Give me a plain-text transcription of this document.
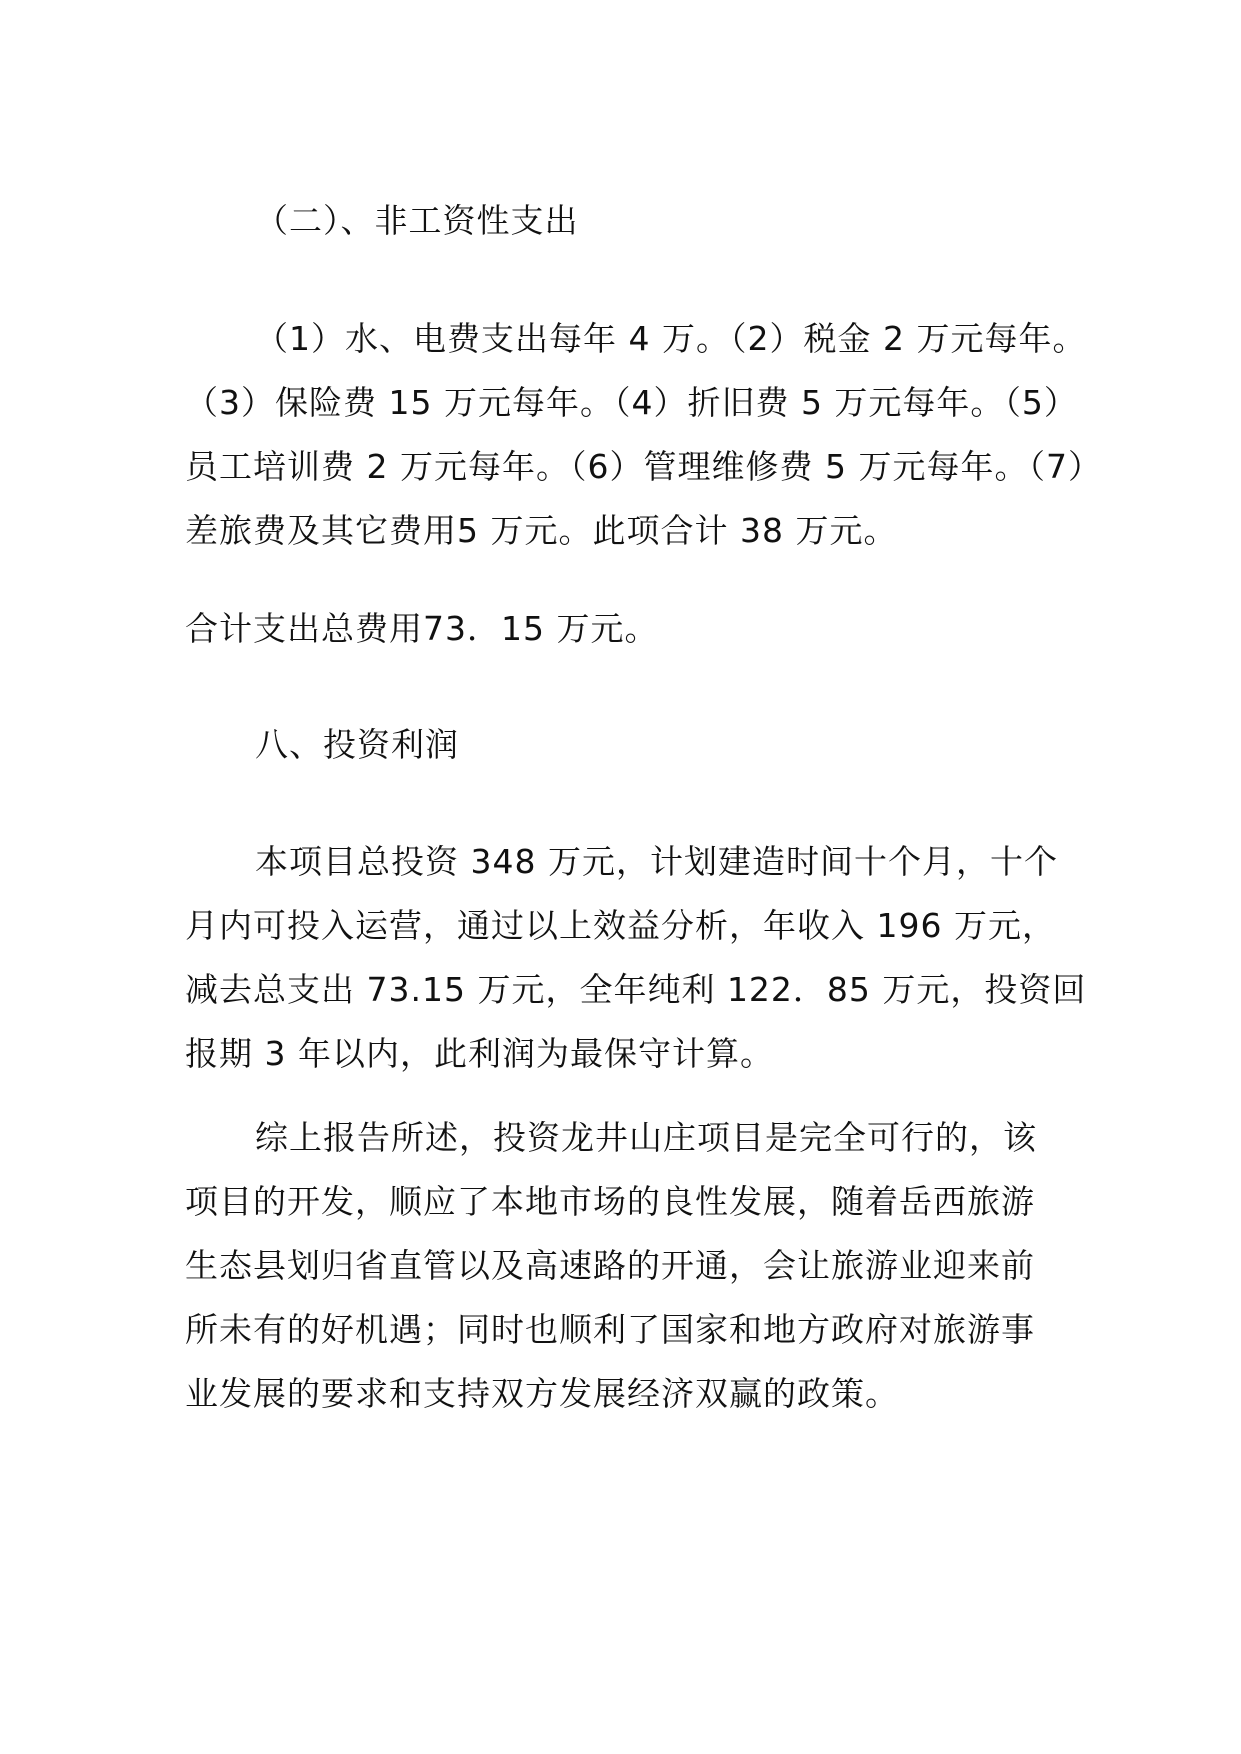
（二）、非工资性支出

（1）水、电费支出每年 4 万。（2）税金 2 万元每年。
（3）保险费 15 万元每年。（4）折旧费 5 万元每年。（5）
员工培训费 2 万元每年。（6）管理维修费 5 万元每年。（7）
差旅费及其它费用5 万元。此项合计 38 万元。

合计支出总费用73．15 万元。

八、投资利润

本项目总投资 348 万元，计划建造时间十个月，十个
月内可投入运营，通过以上效益分析，年收入 196 万元，
减去总支出 73.15 万元，全年纯利 122．85 万元，投资回
报期 3 年以内，此利润为最保守计算。
综上报告所述，投资龙井山庄项目是完全可行的，该
项目的开发，顺应了本地市场的良性发展，随着岳西旅游
生态县划归省直管以及高速路的开通，会让旅游业迎来前
所未有的好机遇；同时也顺利了国家和地方政府对旅游事
业发展的要求和支持双方发展经济双赢的政策。
